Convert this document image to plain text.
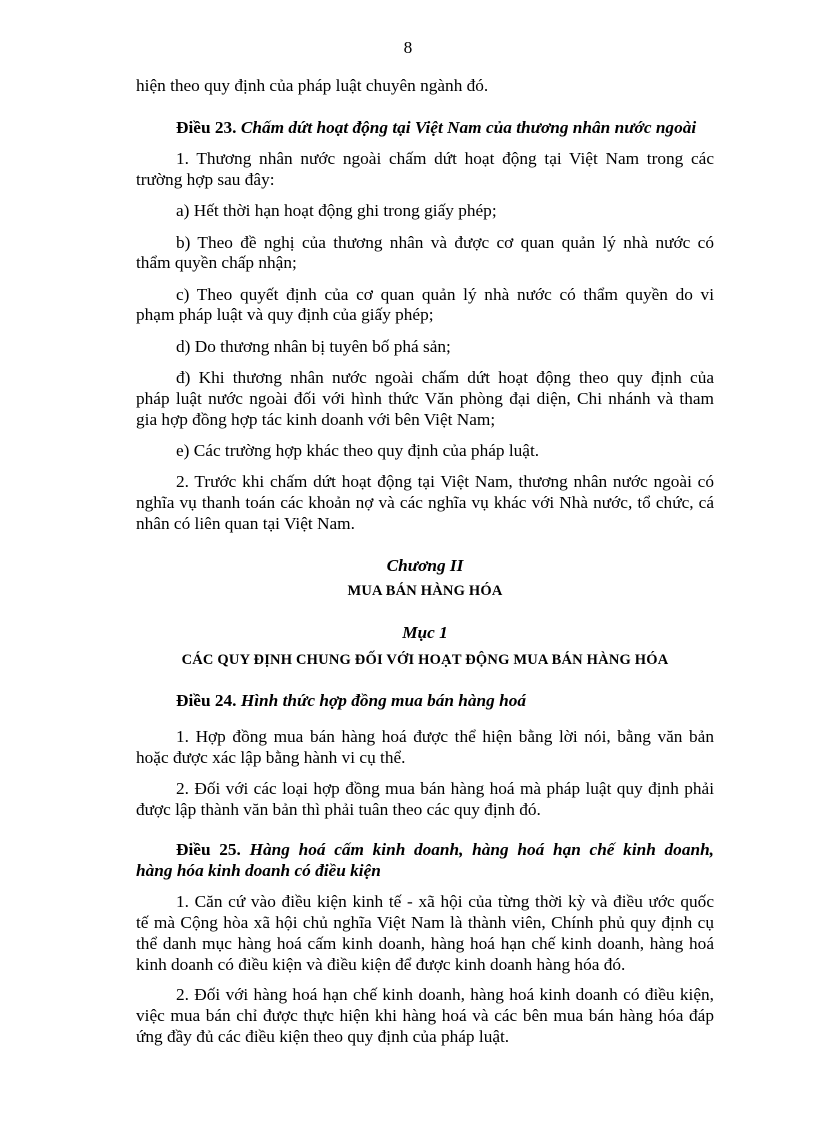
8
hiện theo quy định của pháp luật chuyên ngành đó.
Điều 23. Chấm dứt hoạt động tại Việt Nam của thương nhân nước ngoài
1. Thương nhân nước ngoài chấm dứt hoạt động tại Việt Nam trong các
trường hợp sau đây:
a) Hết thời hạn hoạt động ghi trong giấy phép;
b) Theo đề nghị của thương nhân và được cơ quan quản lý nhà nước có
thẩm quyền chấp nhận;
c) Theo quyết định của cơ quan quản lý nhà nước có thẩm quyền do vi
phạm pháp luật và quy định của giấy phép;
d) Do thương nhân bị tuyên bố phá sản;
đ) Khi thương nhân nước ngoài chấm dứt hoạt động theo quy định của
pháp luật nước ngoài đối với hình thức Văn phòng đại diện, Chi nhánh và tham
gia hợp đồng hợp tác kinh doanh với bên Việt Nam;
e) Các trường hợp khác theo quy định của pháp luật.
2. Trước khi chấm dứt hoạt động tại Việt Nam, thương nhân nước ngoài có
nghĩa vụ thanh toán các khoản nợ và các nghĩa vụ khác với Nhà nước, tổ chức, cá
nhân có liên quan tại Việt Nam.
Chương II
MUA BÁN HÀNG HÓA
Mục 1
CÁC QUY ĐỊNH CHUNG ĐỐI VỚI HOẠT ĐỘNG MUA BÁN HÀNG HÓA
Điều 24. Hình thức hợp đồng mua bán hàng hoá
1. Hợp đồng mua bán hàng hoá được thể hiện bằng lời nói, bằng văn bản
hoặc được xác lập bằng hành vi cụ thể.
2. Đối với các loại hợp đồng mua bán hàng hoá mà pháp luật quy định phải
được lập thành văn bản thì phải tuân theo các quy định đó.
Điều 25. Hàng hoá cấm kinh doanh, hàng hoá hạn chế kinh doanh,
hàng hóa kinh doanh có điều kiện
1. Căn cứ vào điều kiện kinh tế - xã hội của từng thời kỳ và điều ước quốc
tế mà Cộng hòa xã hội chủ nghĩa Việt Nam là thành viên, Chính phủ quy định cụ
thể danh mục hàng hoá cấm kinh doanh, hàng hoá hạn chế kinh doanh, hàng hoá
kinh doanh có điều kiện và điều kiện để được kinh doanh hàng hóa đó.
2. Đối với hàng hoá hạn chế kinh doanh, hàng hoá kinh doanh có điều kiện,
việc mua bán chỉ được thực hiện khi hàng hoá và các bên mua bán hàng hóa đáp
ứng đầy đủ các điều kiện theo quy định của pháp luật.
